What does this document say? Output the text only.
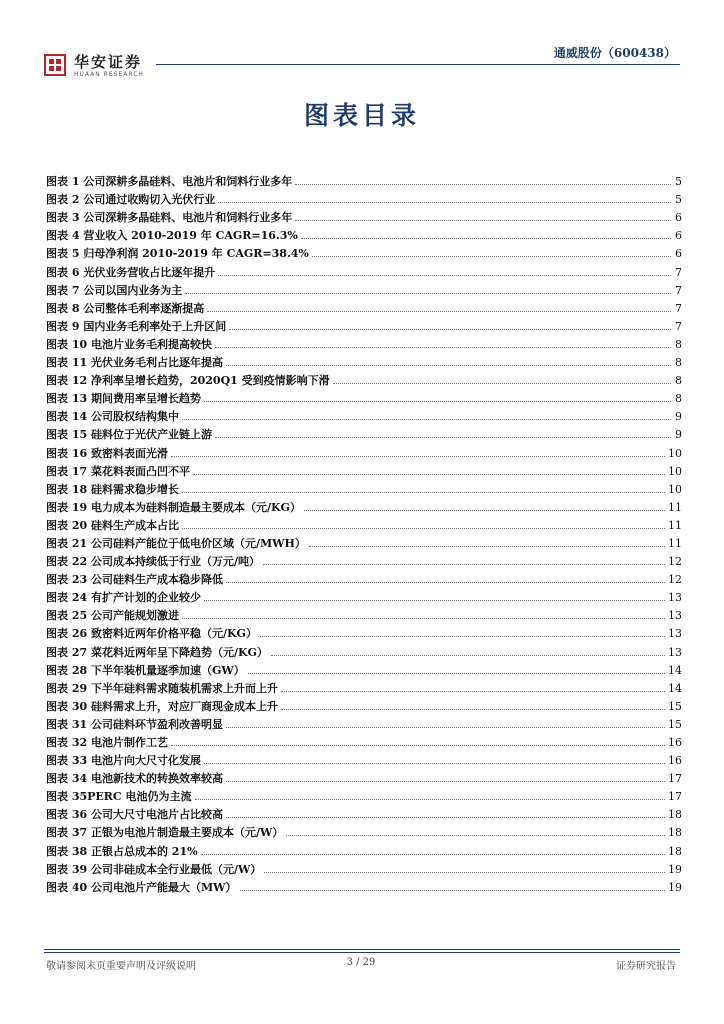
华安证券
HUAAN RESEARCH
通威股份（600438）
图表目录
图表 1 公司深耕多晶硅料、电池片和饲料行业多年	5
图表 2 公司通过收购切入光伏行业	5
图表 3 公司深耕多晶硅料、电池片和饲料行业多年	6
图表 4 营业收入 2010-2019 年 CAGR=16.3%	6
图表 5 归母净利润 2010-2019 年 CAGR=38.4%	6
图表 6 光伏业务营收占比逐年提升	7
图表 7 公司以国内业务为主	7
图表 8 公司整体毛利率逐渐提高	7
图表 9 国内业务毛利率处于上升区间	7
图表 10 电池片业务毛利提高较快	8
图表 11 光伏业务毛利占比逐年提高	8
图表 12 净利率呈增长趋势，2020Q1 受到疫情影响下滑	8
图表 13 期间费用率呈增长趋势	8
图表 14 公司股权结构集中	9
图表 15 硅料位于光伏产业链上游	9
图表 16 致密料表面光滑	10
图表 17 菜花料表面凸凹不平	10
图表 18 硅料需求稳步增长	10
图表 19 电力成本为硅料制造最主要成本（元/KG）	11
图表 20 硅料生产成本占比	11
图表 21 公司硅料产能位于低电价区域（元/MWH）	11
图表 22 公司成本持续低于行业（万元/吨）	12
图表 23 公司硅料生产成本稳步降低	12
图表 24 有扩产计划的企业较少	13
图表 25 公司产能规划激进	13
图表 26 致密料近两年价格平稳（元/KG）	13
图表 27 菜花料近两年呈下降趋势（元/KG）	13
图表 28 下半年装机量逐季加速（GW）	14
图表 29 下半年硅料需求随装机需求上升而上升	14
图表 30 硅料需求上升，对应厂商现金成本上升	15
图表 31 公司硅料环节盈利改善明显	15
图表 32 电池片制作工艺	16
图表 33 电池片向大尺寸化发展	16
图表 34 电池新技术的转换效率较高	17
图表 35PERC 电池仍为主流	17
图表 36 公司大尺寸电池片占比较高	18
图表 37 正银为电池片制造最主要成本（元/W）	18
图表 38 正银占总成本的 21%	18
图表 39 公司非硅成本全行业最低（元/W）	19
图表 40 公司电池片产能最大（MW）	19
敬请参阅末页重要声明及评级说明	3 / 29	证券研究报告
